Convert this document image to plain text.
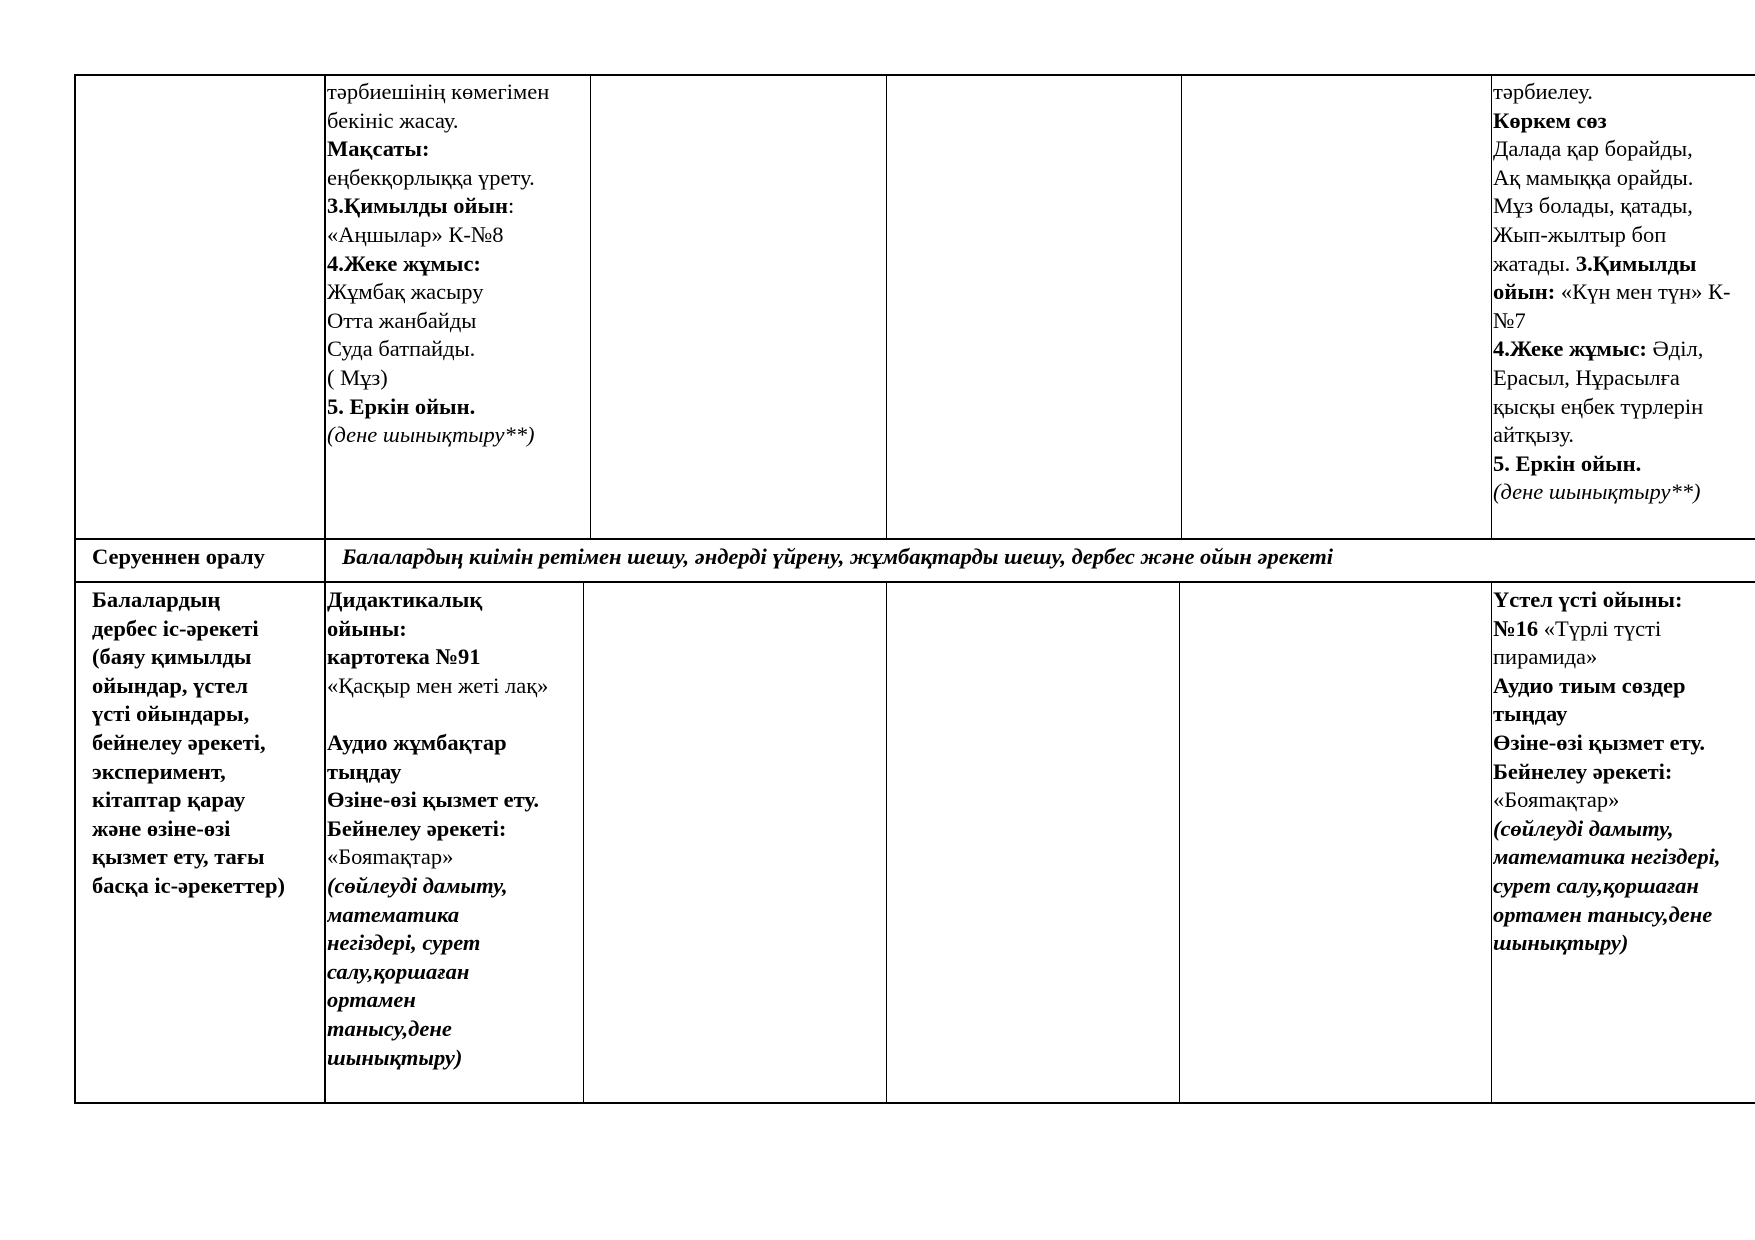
тәрбиешінің көмегімен
бекініс жасау.
Мақсаты:
еңбекқорлыққа үрету.
3.Қимылды ойын:
«Аңшылар» К-№8
4.Жеке жұмыс:
Жұмбақ жасыру
Отта жанбайды
Суда батпайды.
( Мұз)
5. Еркін ойын.
(дене шынықтыру**)
тәрбиелеу.
Көркем сөз
Далада қар борайды,
Ақ мамыққа орайды.
Мұз болады, қатады,
Жып-жылтыр боп
жатады. 3.Қимылды
ойын: «Күн мен түн» К-
№7
4.Жеке жұмыс: Әділ,
Ерасыл, Нұрасылға
қысқы еңбек түрлерін
айтқызу.
5. Еркін ойын.
(дене шынықтыру**)
Серуеннен оралу	Балалардың киімін ретімен шешу, әндерді үйрену, жұмбақтарды шешу, дербес және ойын әрекеті
Балалардың
дербес іс-әрекеті
(баяу қимылды
ойындар, үстел
үсті ойындары,
бейнелеу әрекеті,
эксперимент,
кітаптар қарау
және өзіне-өзі
қызмет ету, тағы
басқа іс-әрекеттер)
Дидактикалық
ойыны:
картотека №91
«Қасқыр мен жеті лақ»

Аудио жұмбақтар
тыңдау
Өзіне-өзі қызмет ету.
Бейнелеу әрекеті:
«Бояmaқтар»
(сөйлеуді дамыту,
математика
негіздері, сурет
салу,қоршаған
ортамен
танысу,дене
шынықтыру)
Үстел үсті ойыны:
№16 «Түрлі түсті
пирамида»
Аудио тиым сөздер
тыңдау
Өзіне-өзі қызмет ету.
Бейнелеу әрекеті:
«Бояmaқтар»
(сөйлеуді дамыту,
математика негіздері,
сурет салу,қоршаған
ортамен танысу,дене
шынықтыру)
